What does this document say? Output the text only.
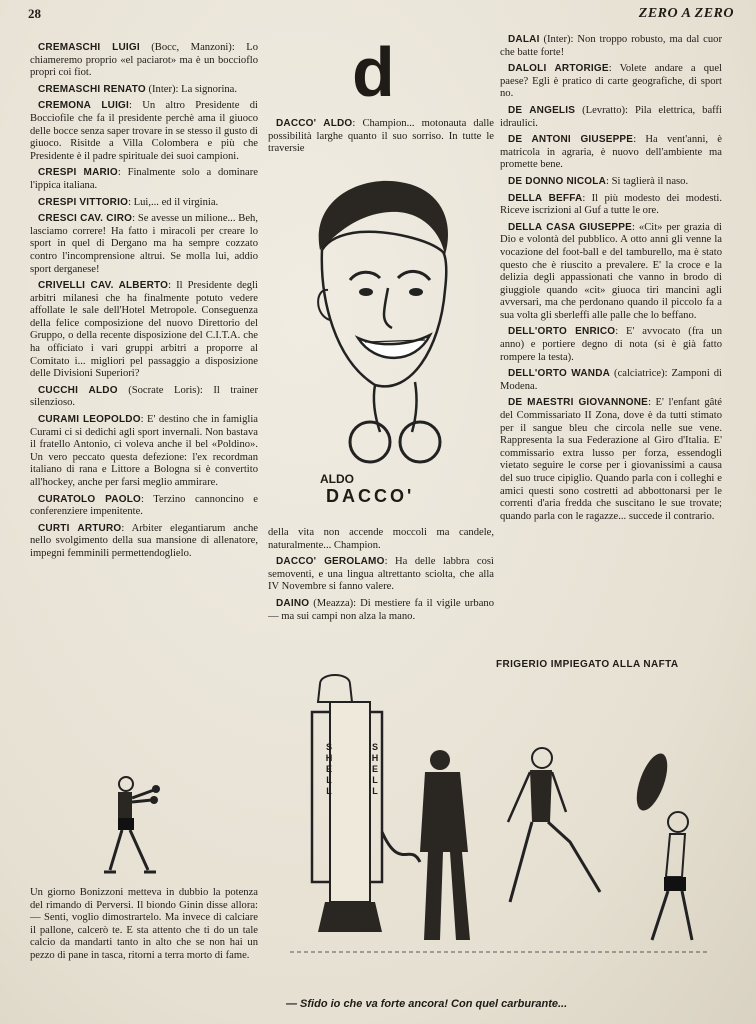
28	ZERO A ZERO

CREMASCHI LUIGI (Bocc, Manzoni): Lo chiameremo proprio «el paciarot» ma è un boccioflo propri coi fiot.

CREMASCHI RENATO (Inter): La signorina.

CREMONA LUIGI: Un altro Presidente di Bocciofile che fa il presidente perchè ama il giuoco delle bocce senza saper trovare in se stesso il gusto di giuoco. Risitde a Villa Colombera e più che Presidente è il padre spirituale dei suoi campioni.

CRESPI MARIO: Finalmente solo a dominare l'ippica italiana.

CRESPI VITTORIO: Lui,... ed il virginia.

CRESCI CAV. CIRO: Se avesse un milione... Beh, lasciamo correre! Ha fatto i miracoli per creare lo sport in quel di Dergano ma ha sempre cozzato contro l'incomprensione altrui. Se molla lui, addio sport derganese!

CRIVELLI CAV. ALBERTO: Il Presidente degli arbitri milanesi che ha finalmente potuto vedere affollate le sale dell'Hotel Metropole. Conseguenza della felice composizione del nuovo Direttorio del Gruppo, o della recente disposizione del C.I.T.A. che ha officiato i vari gruppi arbitri a proporre al Comitato i... migliori pel passaggio a disposizione delle Divisioni Superiori?

CUCCHI ALDO (Socrate Loris): Il trainer silenzioso.

CURAMI LEOPOLDO: E' destino che in famiglia Curami ci si dedichi agli sport invernali. Non bastava il fratello Antonio, ci voleva anche il bel «Poldino». Un vero peccato questa defezione: l'ex recordman italiano di rana e Littore a Bologna si è convertito all'hockey, anche per farsi meglio ammirare.

CURATOLO PAOLO: Terzino cannoncino e conferenziere impenitente.

CURTI ARTURO: Arbiter elegantiarum anche nello svolgimento della sua mansione di allenatore, impegni femminili permettendoglielo.

d

DACCO' ALDO: Champion... motonauta dalle possibilità larghe quanto il suo sorriso. In tutte le traversie

ALDO
DACCO'

della vita non accende moccoli ma candele, naturalmente... Champion.

DACCO' GEROLAMO: Ha delle labbra così semoventi, e una lingua altrettanto sciolta, che alla IV Novembre si fanno valere.

DAINO (Meazza): Di mestiere fa il vigile urbano — ma sui campi non alza la mano.

DALAI (Inter): Non troppo robusto, ma dal cuor che batte forte!

DALOLI ARTORIGE: Volete andare a quel paese? Egli è pratico di carte geografiche, di sport no.

DE ANGELIS (Levratto): Pila elettrica, baffi idraulici.

DE ANTONI GIUSEPPE: Ha vent'anni, è matricola in agraria, è nuovo dell'ambiente ma promette bene.

DE DONNO NICOLA: Si taglierà il naso.

DELLA BEFFA: Il più modesto dei modesti. Riceve iscrizioni al Guf a tutte le ore.

DELLA CASA GIUSEPPE: «Cit» per grazia di Dio e volontà del pubblico. A otto anni gli venne la vocazione del foot-ball e del tamburello, ma è stato questo che è riuscito a prevalere. E' la croce e la delizia degli appassionati che vanno in brodo di giuggiole quando «cit» giuoca tiri mancini agli avversari, ma che perdonano quando il piccolo fa a sua volta gli sberleffi alle palle che lo beffano.

DELL'ORTO ENRICO: E' avvocato (fra un anno) e portiere degno di nota (si è già fatto rompere la testa).

DELL'ORTO WANDA (calciatrice): Zamponi di Modena.

DE MAESTRI GIOVANNONE: E' l'enfant gâté del Commissariato II Zona, dove è da tutti stimato per il sangue bleu che circola nelle sue vene. Rappresenta la sua Federazione al Giro d'Italia. E' commissario extra lusso per forza, essendogli vietato seguire le corse per i giovanissimi a causa del suo truce cipiglio. Quando parla con i colleghi e amici questi sono costretti ad abbottonarsi per le correnti d'aria fredda che suscitano le sue trovate; quando parla con le ragazze... succede il contrario.

FRIGERIO IMPIEGATO ALLA NAFTA
SHELL	SHELL
Un giorno Bonizzoni metteva in dubbio la potenza del rimando di Perversi. Il biondo Ginin disse allora: — Senti, voglio dimostrartelo. Ma invece di calciare il pallone, calcerò te. E sta attento che ti do un tale calcio da mandarti tanto in alto che se non hai un pezzo di pane in tasca, ritorni a terra morto di fame.
— Sfido io che va forte ancora! Con quel carburante...
